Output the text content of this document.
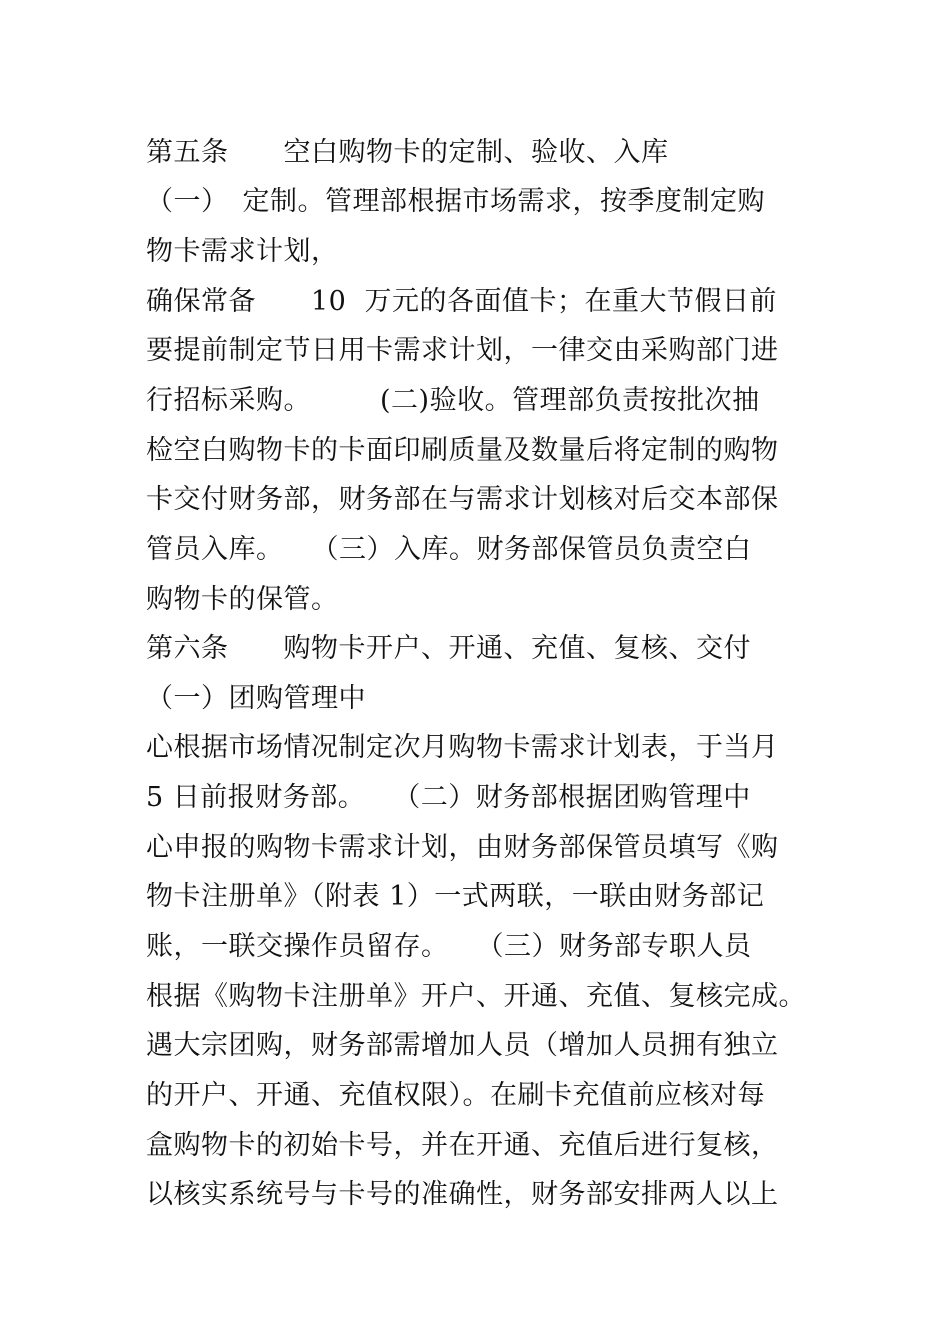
第五条　　空白购物卡的定制、验收、入库
（一）　定制。管理部根据市场需求，按季度制定购
物卡需求计划，
确保常备　　10  万元的各面值卡；在重大节假日前
要提前制定节日用卡需求计划，一律交由采购部门进
行招标采购。　　　(二)验收。管理部负责按批次抽
检空白购物卡的卡面印刷质量及数量后将定制的购物
卡交付财务部，财务部在与需求计划核对后交本部保
管员入库。　　（三）入库。财务部保管员负责空白
购物卡的保管。
第六条　　购物卡开户、开通、充值、复核、交付
（一）团购管理中
心根据市场情况制定次月购物卡需求计划表，于当月
5 日前报财务部。　　（二）财务部根据团购管理中
心申报的购物卡需求计划，由财务部保管员填写《购
物卡注册单》（附表 1）一式两联，一联由财务部记
账，一联交操作员留存。　　（三）财务部专职人员
根据《购物卡注册单》开户、开通、充值、复核完成。
遇大宗团购，财务部需增加人员（增加人员拥有独立
的开户、开通、充值权限）。在刷卡充值前应核对每
盒购物卡的初始卡号，并在开通、充值后进行复核，
以核实系统号与卡号的准确性，财务部安排两人以上
